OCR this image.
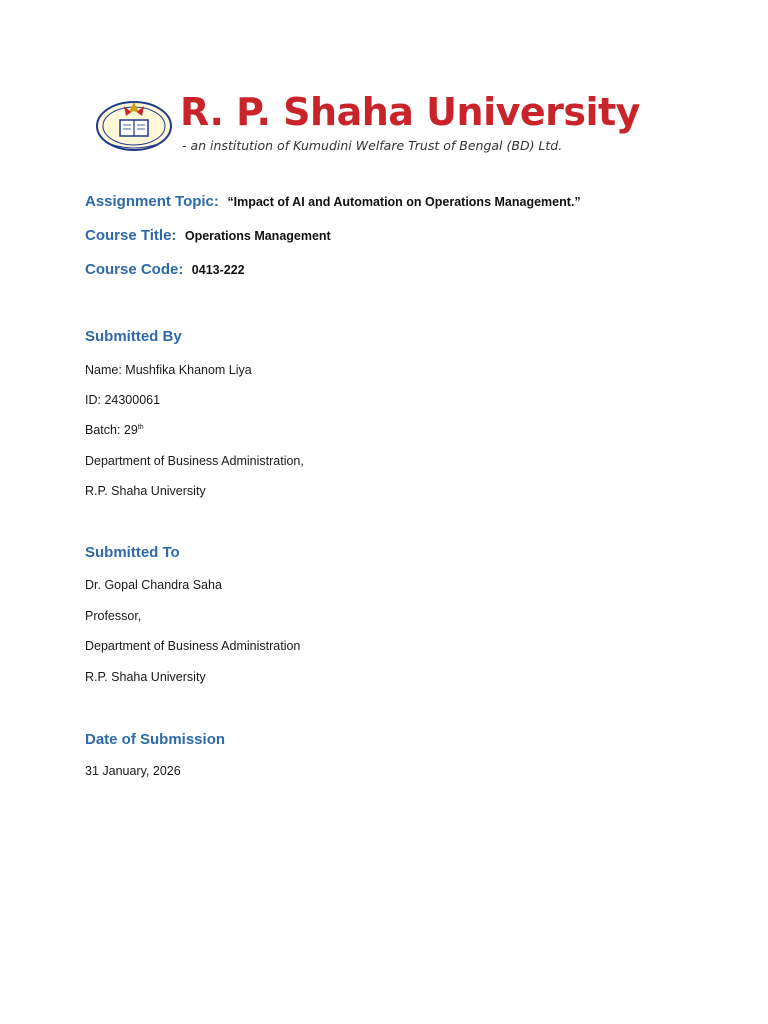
R. P. Shaha University
- an institution of Kumudini Welfare Trust of Bengal (BD) Ltd.
Assignment Topic: “Impact of AI and Automation on Operations Management.”
Course Title: Operations Management
Course Code: 0413-222
Submitted By
Name: Mushfika Khanom Liya
ID: 24300061
Batch: 29th
Department of Business Administration,
R.P. Shaha University
Submitted To
Dr. Gopal Chandra Saha
Professor,
Department of Business Administration
R.P. Shaha University
Date of Submission
31 January, 2026
